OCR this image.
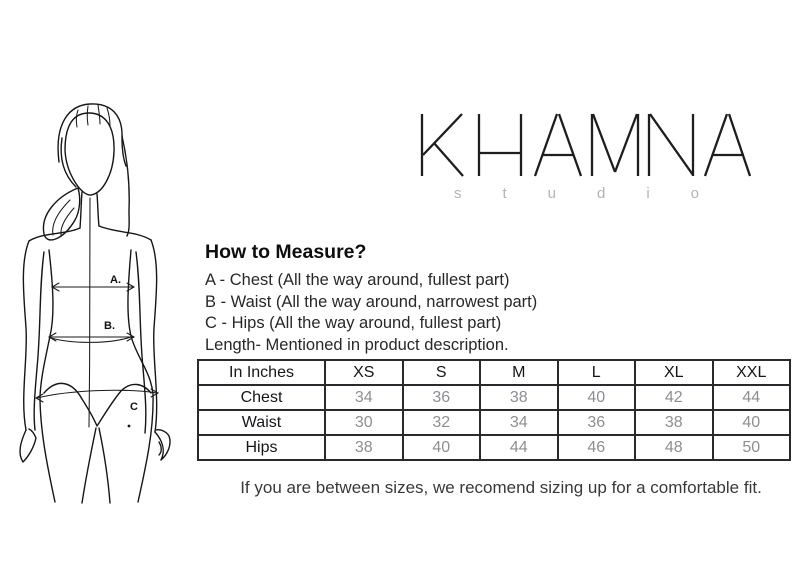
A.
B.
C
studio
How to Measure?
A - Chest (All the way around, fullest part)
B - Waist (All the way around, narrowest part)
C - Hips (All the way around, fullest part)
Length- Mentioned in product description.
In Inches	XS	S	M	L	XL	XXL
Chest	34	36	38	40	42	44
Waist	30	32	34	36	38	40
Hips	38	40	44	46	48	50
If you are between sizes, we recomend sizing up for a comfortable fit.
